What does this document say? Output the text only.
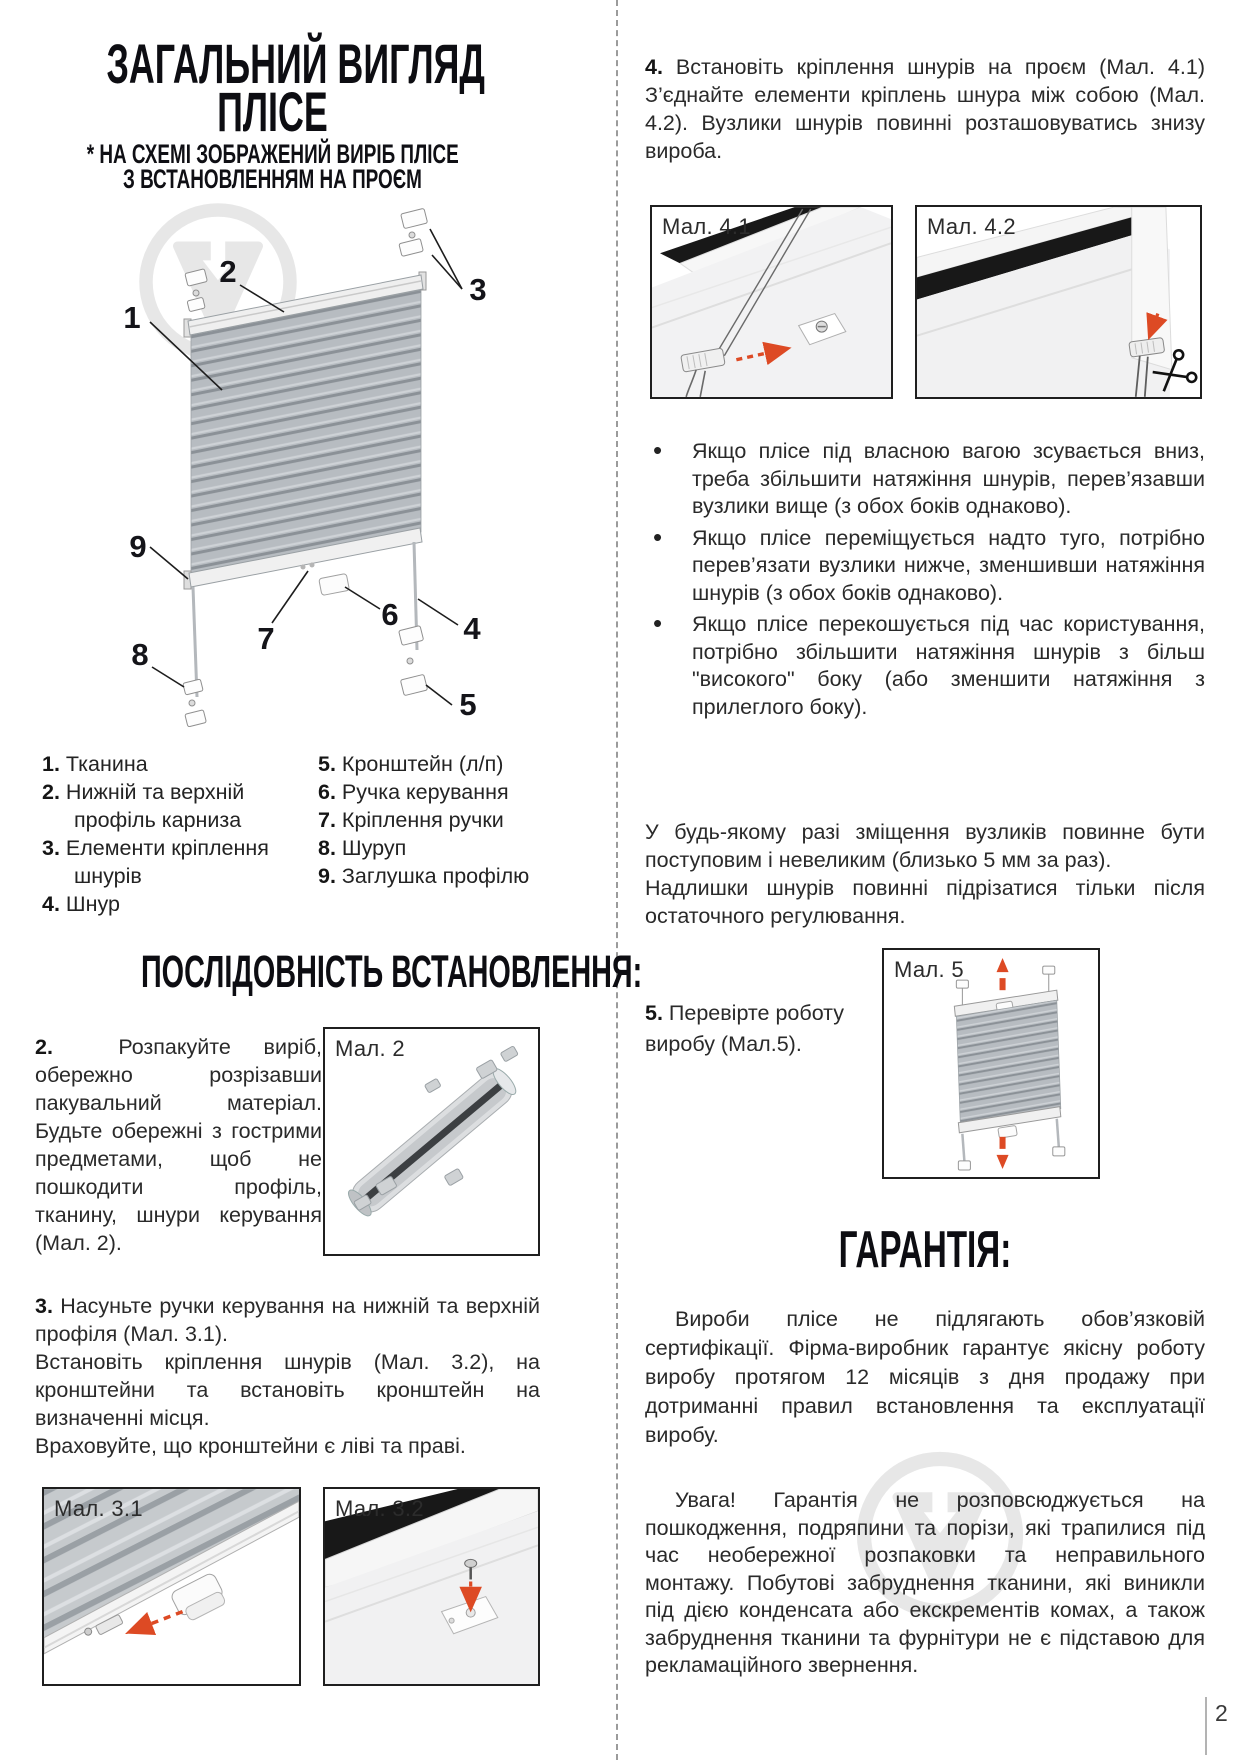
ЗАГАЛЬНИЙ ВИГЛЯД
ПЛІСЕ
* НА СХЕМІ ЗОБРАЖЕНИЙ ВИРІБ ПЛІСЕ
З ВСТАНОВЛЕННЯМ НА ПРОЄМ
1
2
3
9
7
6 4
8
5
1. Тканина
2. Нижній та верхній профіль карниза
3. Елементи кріплення шнурів
4. Шнур
5. Кронштейн (л/п)
6. Ручка керування
7. Кріплення ручки
8. Шуруп
9. Заглушка профілю
ПОСЛІДОВНІСТЬ ВСТАНОВЛЕННЯ:
2.	Розпакуйте виріб, обережно розрізавши пакувальний матеріал. Будьте обережні з гострими предметами, щоб не пошкодити профіль, тканину, шнури керування (Мал. 2).
Мал. 2

3. Насуньте ручки керування на нижній та верхній профіля (Мал. 3.1).

Встановіть кріплення шнурів (Мал. 3.2), на кронштейни та встановіть кронштейн на визначенні місця.

Враховуйте, що кронштейни є ліві та праві.

Мал. 3.1	Мал. 3.2
4. Встановіть кріплення шнурів на проєм (Мал. 4.1) З’єднайте елементи кріплень шнура між собою (Мал. 4.2). Вузлики шнурів повинні розташовуватись знизу вироба.
Мал. 4.1	Мал. 4.2
• Якщо плісе під власною вагою зсувається вниз, треба збільшити натяжіння шнурів, перев’язавши вузлики вище (з обох боків однаково).
• Якщо плісе переміщується надто туго, потрібно перев’язати вузлики нижче, зменшивши натяжіння шнурів (з обох боків однаково).
• Якщо плісе перекошується під час користування, потрібно збільшити натяжіння шнурів з більш "високого" боку (або зменшити натяжіння з прилеглого боку).

У будь-якому разі зміщення вузликів повинне бути поступовим і невеликим (близько 5 мм за раз).

Надлишки шнурів повинні підрізатися тільки після остаточного регулювання.

5. Перевірте роботу виробу (Мал.5).
Мал. 5
ГАРАНТІЯ:
Вироби плісе не підлягають обов’язковій сертифікації. Фірма-виробник гарантує якісну роботу виробу протягом 12 місяців з дня продажу при дотриманні правил встановлення та експлуатації виробу.
Увага! Гарантія не розповсюджується на пошкодження, подряпини та порізи, які трапилися під час необережної розпаковки та неправильного монтажу. Побутові забруднення тканини, які виникли під дією конденсата або екскрементів комах, а також забруднення тканини та фурнітури не є підставою для рекламаційного звернення.
2
